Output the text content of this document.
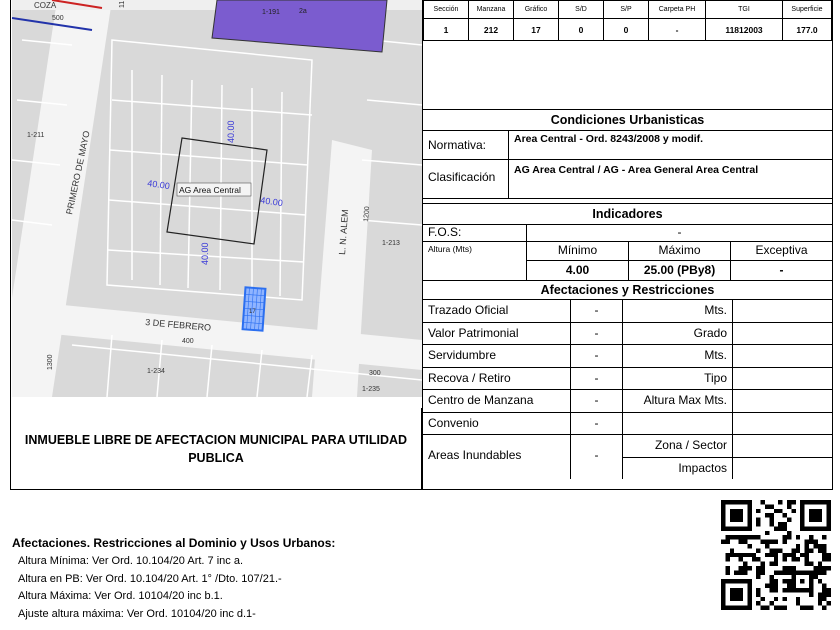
COZA
500
11
1-191	2a
1-211 PRIMERO DE MAYO	40.00
40.00 AG Area Central
40.00
40.00	L. N. ALEM 1200
1-213
3 DE FEBRERO
400
17
1300
1-234	300
1-235
INMUEBLE LIBRE DE AFECTACION MUNICIPAL PARA UTILIDAD PUBLICA
Sección	Manzana	Gráfico	S/D	S/P	Carpeta PH	TGI	Superficie
1	212	17	0	0	-	11812003	177.0
Condiciones Urbanisticas
Normativa:	Area Central - Ord. 8243/2008 y modif.
Clasificación	AG Area Central / AG - Area General Area Central
Indicadores
F.O.S:	-
Altura (Mts)	Mínimo	Máximo	Exceptiva
4.00	25.00 (PBy8)	-
Afectaciones y Restricciones
Trazado Oficial	-	Mts.
Valor Patrimonial	-	Grado
Servidumbre	-	Mts.
Recova / Retiro	-	Tipo
Centro de Manzana	-	Altura Max Mts.
Convenio	-
Areas Inundables	-
Zona / Sector
Impactos
Afectaciones. Restricciones al Dominio y Usos Urbanos:
Altura Mínima: Ver Ord. 10.104/20 Art. 7 inc a.
Altura en PB: Ver Ord. 10.104/20 Art. 1° /Dto. 107/21.-
Altura Máxima: Ver Ord. 10104/20 inc b.1.
Ajuste altura máxima: Ver Ord. 10104/20 inc d.1-
